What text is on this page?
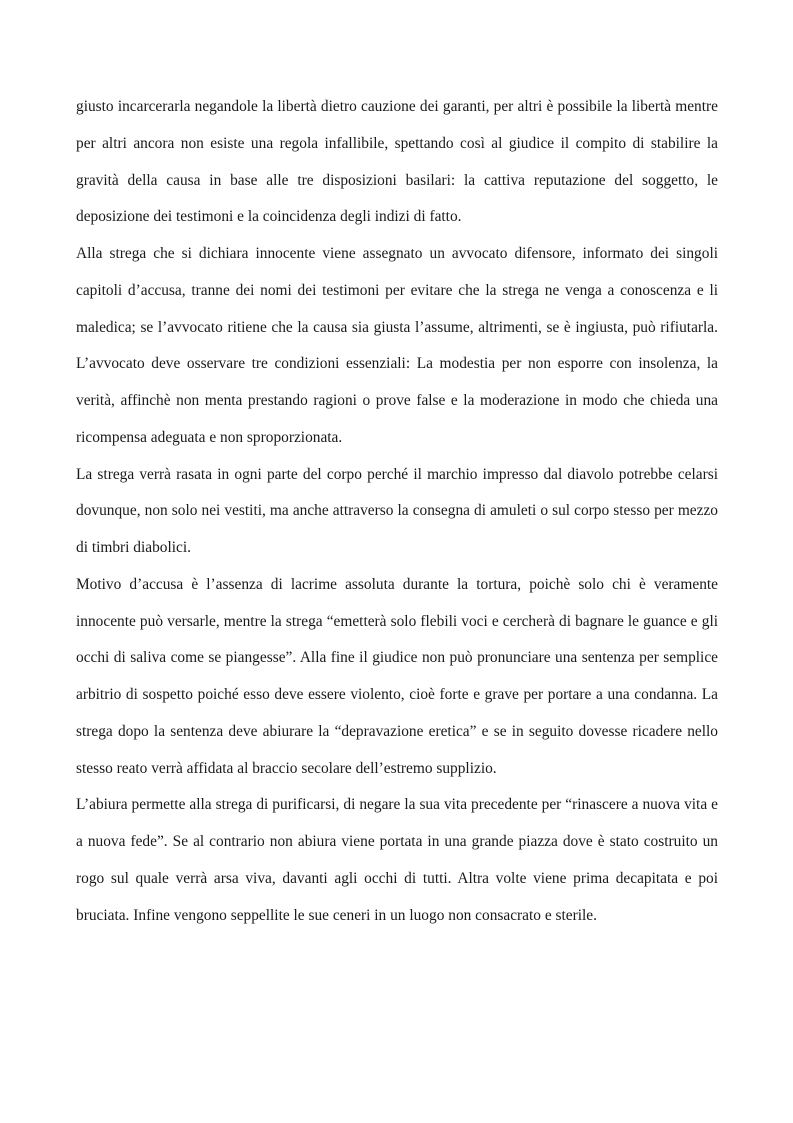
giusto incarcerarla negandole la libertà dietro cauzione dei garanti, per altri è possibile la libertà mentre per altri ancora non esiste una regola infallibile, spettando così al giudice il compito di stabilire la gravità della causa in base alle tre disposizioni basilari: la cattiva reputazione del soggetto, le deposizione dei testimoni e la coincidenza degli indizi di fatto.

Alla strega che si dichiara innocente viene assegnato un avvocato difensore, informato dei singoli capitoli d’accusa, tranne dei nomi dei testimoni per evitare che la strega ne venga a conoscenza e li maledica; se l’avvocato ritiene che la causa sia giusta l’assume, altrimenti, se è ingiusta, può rifiutarla. L’avvocato deve osservare tre condizioni essenziali: La modestia per non esporre con insolenza, la verità, affinchè non menta prestando ragioni o prove false e la moderazione in modo che chieda una ricompensa adeguata e non sproporzionata.

La strega verrà rasata in ogni parte del corpo perché il marchio impresso dal diavolo potrebbe celarsi dovunque, non solo nei vestiti, ma anche attraverso la consegna di amuleti o sul corpo stesso per mezzo di timbri diabolici.

Motivo d’accusa è l’assenza di lacrime assoluta durante la tortura, poichè solo chi è veramente innocente può versarle, mentre la strega “emetterà solo flebili voci e cercherà di bagnare le guance e gli occhi di saliva come se piangesse”. Alla fine il giudice non può pronunciare una sentenza per semplice arbitrio di sospetto poiché esso deve essere violento, cioè forte e grave per portare a una condanna. La strega dopo la sentenza deve abiurare la “depravazione eretica” e se in seguito dovesse ricadere nello stesso reato verrà affidata al braccio secolare dell’estremo supplizio.

L’abiura permette alla strega di purificarsi, di negare la sua vita precedente per “rinascere a nuova vita e a nuova fede”. Se al contrario non abiura viene portata in una grande piazza dove è stato costruito un rogo sul quale verrà arsa viva, davanti agli occhi di tutti. Altra volte viene prima decapitata e poi bruciata. Infine vengono seppellite le sue ceneri in un luogo non consacrato e sterile.
